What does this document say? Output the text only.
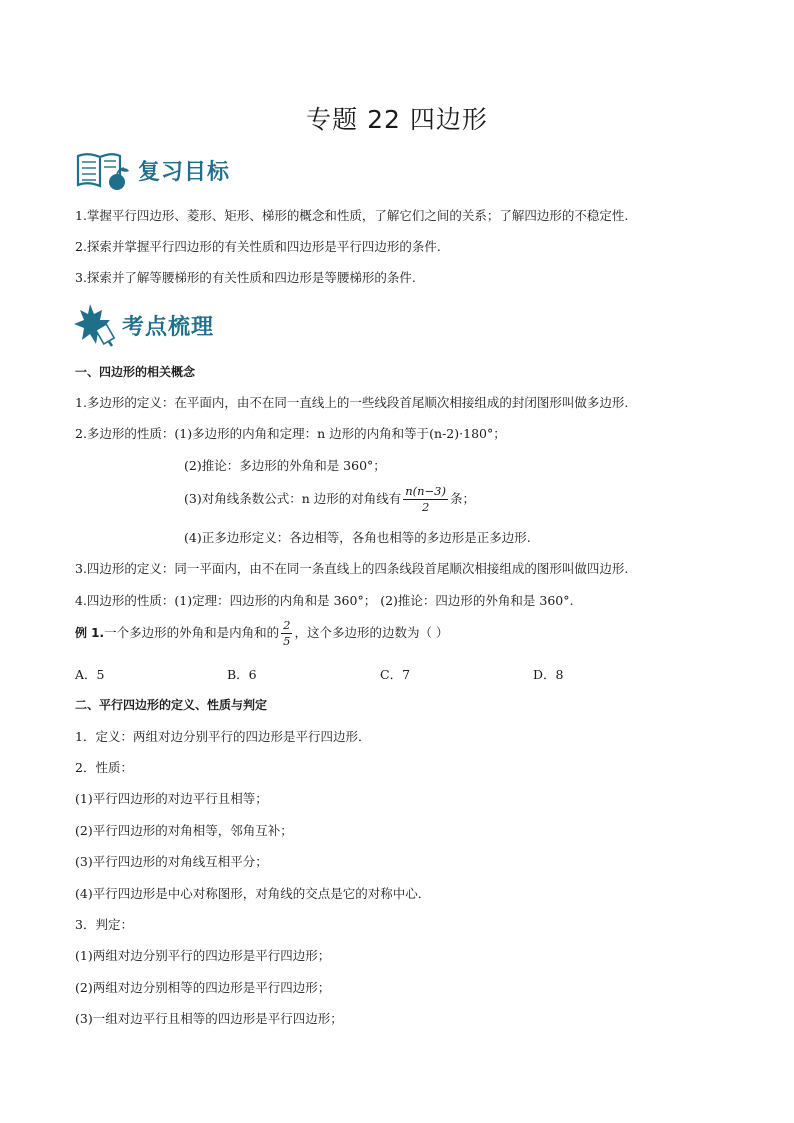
专题 22 四边形
复习目标
1.掌握平行四边形、菱形、矩形、梯形的概念和性质，了解它们之间的关系；了解四边形的不稳定性.
2.探索并掌握平行四边形的有关性质和四边形是平行四边形的条件.
3.探索并了解等腰梯形的有关性质和四边形是等腰梯形的条件.
考点梳理
一、四边形的相关概念
1.多边形的定义：在平面内，由不在同一直线上的一些线段首尾顺次相接组成的封闭图形叫做多边形.
2.多边形的性质：(1)多边形的内角和定理：n 边形的内角和等于(n-2)·180°；
(2)推论：多边形的外角和是 360°；
(3)对角线条数公式：n 边形的对角线有 $\frac{n(n-3)}{2}$ 条；
(4)正多边形定义：各边相等，各角也相等的多边形是正多边形.
3.四边形的定义：同一平面内，由不在同一条直线上的四条线段首尾顺次相接组成的图形叫做四边形.
4.四边形的性质：(1)定理：四边形的内角和是 360°； (2)推论：四边形的外角和是 360°.
例 1.一个多边形的外角和是内角和的 $\frac{2}{5}$ ，这个多边形的边数为（ ）
A．5	B．6	C．7	D．8
二、平行四边形的定义、性质与判定
1．定义：两组对边分别平行的四边形是平行四边形．
2．性质：
(1)平行四边形的对边平行且相等；
(2)平行四边形的对角相等，邻角互补；
(3)平行四边形的对角线互相平分；
(4)平行四边形是中心对称图形，对角线的交点是它的对称中心．
3．判定：
(1)两组对边分别平行的四边形是平行四边形；
(2)两组对边分别相等的四边形是平行四边形；
(3)一组对边平行且相等的四边形是平行四边形；
